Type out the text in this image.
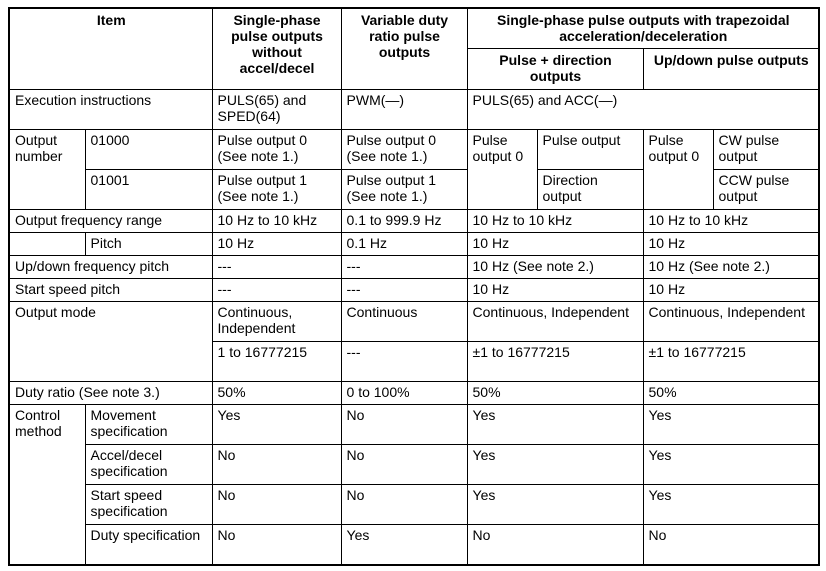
Item		Single-phase pulse outputs without accel/decel	Variable duty ratio pulse outputs	Single-phase pulse outputs with trapezoidal acceleration/deceleration			
				Pulse + direction outputs		Up/down pulse outputs	
Execution instructions		PULS(65) and SPED(64)	PWM(—)	PULS(65) and ACC(—)			
Output number	01000	Pulse output 0 (See note 1.)	Pulse output 0 (See note 1.)	Pulse output 0	Pulse output	Pulse output 0	CW pulse output
	01001	Pulse output 1 (See note 1.)	Pulse output 1 (See note 1.)		Direction output		CCW pulse output
Output frequency range		10 Hz to 10 kHz	0.1 to 999.9 Hz	10 Hz to 10 kHz		10 Hz to 10 kHz	
	Pitch	10 Hz	0.1 Hz	10 Hz		10 Hz	
Up/down frequency pitch		---	---	10 Hz (See note 2.)		10 Hz (See note 2.)	
Start speed pitch		---	---	10 Hz		10 Hz	
Output mode		Continuous, Independent	Continuous	Continuous, Independent		Continuous, Independent	
		1 to 16777215	---	±1 to 16777215		±1 to 16777215	
Duty ratio (See note 3.)		50%	0 to 100%	50%		50%	
Control method	Movement specification	Yes	No	Yes		Yes	
	Accel/decel specification	No	No	Yes		Yes	
	Start speed specification	No	No	Yes		Yes	
	Duty specification	No	Yes	No		No	
